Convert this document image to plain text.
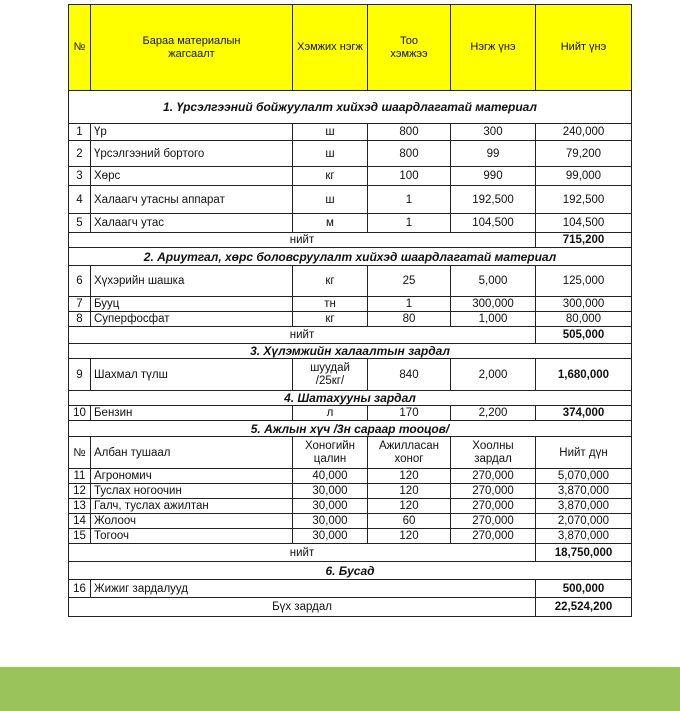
№	Бараа материалын жагсаалт	Хэмжих нэгж	Тоо хэмжээ	Нэгж үнэ	Нийт үнэ
1. Үрсэлгээний бойжуулалт хийхэд шаардлагатай материал					
1	Үр	ш	800	300	240,000
2	Үрсэлгээний бортого	ш	800	99	79,200
3	Хөрс	кг	100	990	99,000
4	Халаагч утасны аппарат	ш	1	192,500	192,500
5	Халаагч утас	м	1	104,500	104,500
нийт					715,200
2. Ариутгал, хөрс боловсруулалт хийхэд шаардлагатай материал					
6	Хүхэрийн шашка	кг	25	5,000	125,000
7	Бууц	тн	1	300,000	300,000
8	Суперфосфат	кг	80	1,000	80,000
нийт					505,000
3. Хүлэмжийн халаалтын зардал					
9	Шахмал түлш	шуудай /25кг/	840	2,000	1,680,000
4. Шатахууны зардал					
10	Бензин	л	170	2,200	374,000
5. Ажлын хүч /3н сараар тооцов/					
№	Албан тушаал	Хоногийн цалин	Ажилласан хоног	Хоолны зардал	Нийт дүн
11	Агрономич	40,000	120	270,000	5,070,000
12	Туслах ногоочин	30,000	120	270,000	3,870,000
13	Галч, туслах ажилтан	30,000	120	270,000	3,870,000
14	Жолооч	30,000	60	270,000	2,070,000
15	Тогооч	30,000	120	270,000	3,870,000
нийт					18,750,000
6. Бусад					
16	Жижиг зардалууд				500,000
Бүх зардал					22,524,200
